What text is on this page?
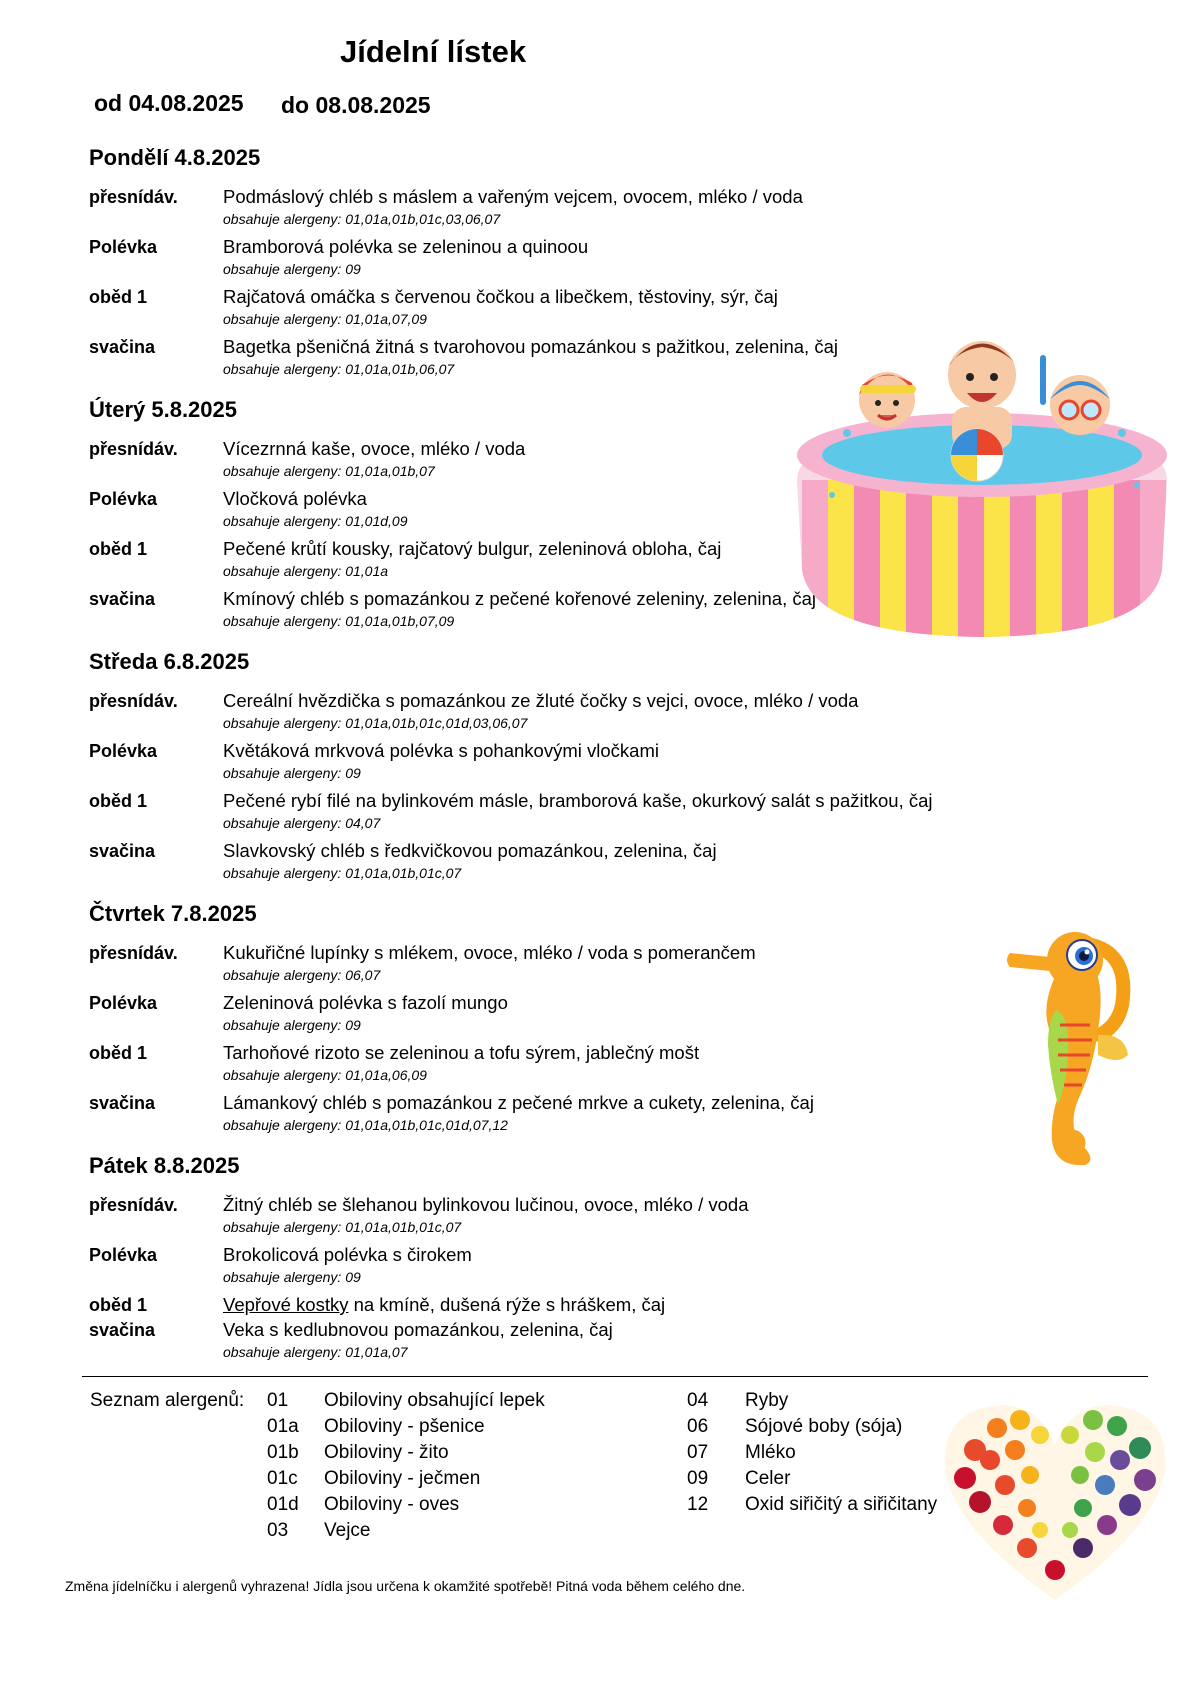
Jídelní lístek
od 04.08.2025 do 08.08.2025
Pondělí 4.8.2025
přesnídáv. Podmáslový chléb s máslem a vařeným vejcem, ovocem, mléko / voda
obsahuje alergeny: 01,01a,01b,01c,03,06,07
Polévka	Bramborová polévka se zeleninou a quinoou
obsahuje alergeny: 09
oběd 1	Rajčatová omáčka s červenou čočkou a libečkem, těstoviny, sýr, čaj
obsahuje alergeny: 01,01a,07,09
svačina	Bagetka pšeničná žitná s tvarohovou pomazánkou s pažitkou, zelenina, čaj
obsahuje alergeny: 01,01a,01b,06,07
Úterý 5.8.2025
přesnídáv. Vícezrnná kaše, ovoce, mléko / voda
obsahuje alergeny: 01,01a,01b,07
Polévka	Vločková polévka
obsahuje alergeny: 01,01d,09
oběd 1	Pečené krůtí kousky, rajčatový bulgur, zeleninová obloha, čaj
obsahuje alergeny: 01,01a
svačina	Kmínový chléb s pomazánkou z pečené kořenové zeleniny, zelenina, čaj
obsahuje alergeny: 01,01a,01b,07,09
Středa 6.8.2025
přesnídáv. Cereální hvězdička s pomazánkou ze žluté čočky s vejci, ovoce, mléko / voda
obsahuje alergeny: 01,01a,01b,01c,01d,03,06,07
Polévka	Květáková mrkvová polévka s pohankovými vločkami
obsahuje alergeny: 09
oběd 1	Pečené rybí filé na bylinkovém másle, bramborová kaše, okurkový salát s pažitkou, čaj
obsahuje alergeny: 04,07
svačina	Slavkovský chléb s ředkvičkovou pomazánkou, zelenina, čaj
obsahuje alergeny: 01,01a,01b,01c,07
Čtvrtek 7.8.2025
přesnídáv. Kukuřičné lupínky s mlékem, ovoce, mléko / voda s pomerančem
obsahuje alergeny: 06,07
Polévka	Zeleninová polévka s fazolí mungo
obsahuje alergeny: 09
oběd 1	Tarhoňové rizoto se zeleninou a tofu sýrem, jablečný mošt
obsahuje alergeny: 01,01a,06,09
svačina	Lámankový chléb s pomazánkou z pečené mrkve a cukety, zelenina, čaj
obsahuje alergeny: 01,01a,01b,01c,01d,07,12
Pátek 8.8.2025
přesnídáv. Žitný chléb se šlehanou bylinkovou lučinou, ovoce, mléko / voda
obsahuje alergeny: 01,01a,01b,01c,07
Polévka	Brokolicová polévka s čirokem
obsahuje alergeny: 09
oběd 1	Vepřové kostky na kmíně, dušená rýže s hráškem, čaj
svačina	Veka s kedlubnovou pomazánkou, zelenina, čaj
obsahuje alergeny: 01,01a,07
Seznam alergenů: 01 Obiloviny obsahující lepek
01a Obiloviny - pšenice
01b Obiloviny - žito
01c Obiloviny - ječmen
01d Obiloviny - oves
03 Vejce
04 Ryby
06 Sójové boby (sója)
07 Mléko
09 Celer
12 Oxid siřičitý a siřičitany
Změna jídelníčku i alergenů vyhrazena! Jídla jsou určena k okamžité spotřebě! Pitná voda během celého dne.
